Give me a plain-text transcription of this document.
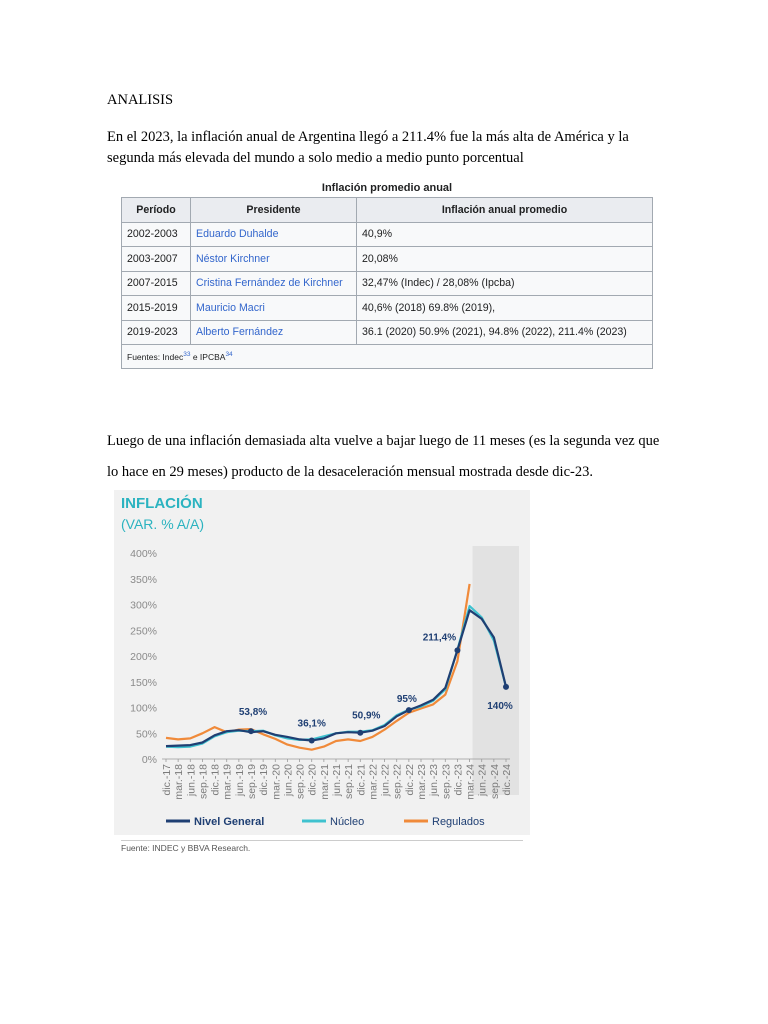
ANALISIS

En el 2023, la inflación anual de Argentina llegó a 211.4% fue la más alta de América y la segunda más elevada del mundo a solo medio a medio punto porcentual

Inflación promedio anual
Período	Presidente	Inflación anual promedio
2002-2003	Eduardo Duhalde	40,9%
2003-2007	Néstor Kirchner	20,08%
2007-2015	Cristina Fernández de Kirchner	32,47% (Indec) / 28,08% (Ipcba)
2015-2019	Mauricio Macri	40,6% (2018) 69.8% (2019),
2019-2023	Alberto Fernández	36.1 (2020) 50.9% (2021), 94.8% (2022), 211.4% (2023)
Fuentes: Indec$^{33}$ e IPCBA$^{34}$

Luego de una inflación demasiada alta vuelve a bajar luego de 11 meses (es la segunda vez que lo hace en 29 meses) producto de la desaceleración mensual mostrada desde dic-23.

INFLACIÓN
(VAR. % A/A)
0%
50%
100%
150%
200%
250%
300%
350%
400%
dic.-17 mar.-18 jun.-18 sep.-18 dic.-18 mar.-19 jun.-19 sep.-19 dic.-19 mar.-20 jun.-20 sep.-20 dic.-20 mar.-21 jun.-21 sep.-21 dic.-21 mar.-22 jun.-22 sep.-22 dic.-22 mar.-23 jun.-23 sep.-23 dic.-23 mar.-24 jun.-24 sep.-24 dic.-24
53,8%
36,1%
50,9%
95%
211,4%
140%
Nivel General	Núcleo	Regulados
Fuente: INDEC y BBVA Research.
